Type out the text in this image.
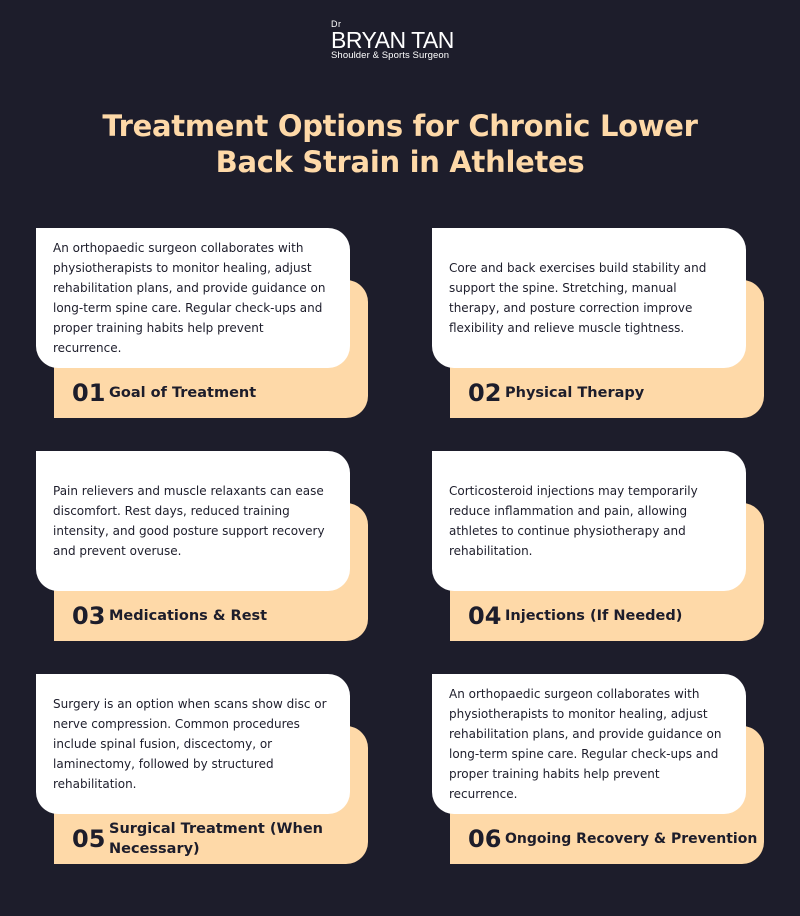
Dr
BRYAN TAN
Shoulder & Sports Surgeon
Treatment Options for Chronic Lower
Back Strain in Athletes
An orthopaedic surgeon collaborates with physiotherapists to monitor healing, adjust rehabilitation plans, and provide guidance on long-term spine care. Regular check-ups and proper training habits help prevent recurrence.
01 Goal of Treatment
Core and back exercises build stability and support the spine. Stretching, manual therapy, and posture correction improve flexibility and relieve muscle tightness.
02 Physical Therapy
Pain relievers and muscle relaxants can ease discomfort. Rest days, reduced training intensity, and good posture support recovery and prevent overuse.
03 Medications & Rest
Corticosteroid injections may temporarily reduce inflammation and pain, allowing athletes to continue physiotherapy and rehabilitation.
04 Injections (If Needed)
Surgery is an option when scans show disc or nerve compression. Common procedures include spinal fusion, discectomy, or laminectomy, followed by structured rehabilitation.
05 Surgical Treatment (When Necessary)
An orthopaedic surgeon collaborates with physiotherapists to monitor healing, adjust rehabilitation plans, and provide guidance on long-term spine care. Regular check-ups and proper training habits help prevent recurrence.
06 Ongoing Recovery & Prevention
